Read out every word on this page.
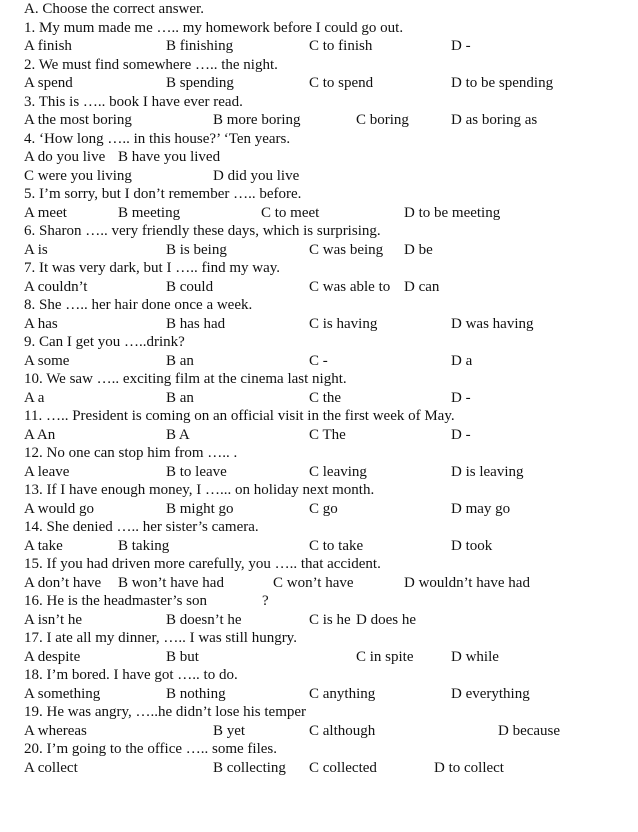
A. Choose the correct answer.
1. My mum made me ….. my homework before I could go out.
A finish	B finishing	C to finish	D -
2. We must find somewhere ….. the night.
A spend	B spending	C to spend	D to be spending
3. This is ….. book I have ever read.
A the most boring	B more boring	C boring	D as boring as
4. ‘How long ….. in this house?’ ‘Ten years.
A do you live B have you lived
C were you living	D did you live
5. I’m sorry, but I don’t remember ….. before.
A meet	B meeting	C to meet	D to be meeting
6. Sharon ….. very friendly these days, which is surprising.
A is	B is being	C was being D be
7. It was very dark, but I ….. find my way.
A couldn’t	B could	C was able to D can
8. She ….. her hair done once a week.
A has	B has had	C is having	D was having
9. Can I get you …..drink?
A some	B an	C -	D a
10. We saw ….. exciting film at the cinema last night.
A a	B an	C the	D -
11. ….. President is coming on an official visit in the first week of May.
A An	B A	C The	D -
12. No one can stop him from ….. .
A leave	B to leave	C leaving	D is leaving
13. If I have enough money, I …... on holiday next month.
A would go	B might go	C go	D may go
14. She denied ….. her sister’s camera.
A take	B taking	C to take	D took
15. If you had driven more carefully, you ….. that accident.
A don’t have B won’t have had	C won’t have	D wouldn’t have had
16. He is the headmaster’s son	?
A isn’t he	B doesn’t he	C is he D does he
17. I ate all my dinner, ….. I was still hungry.
A despite	B but	C in spite D while
18. I’m bored. I have got ….. to do.
A something	B nothing	C anything	D everything
19. He was angry, …..he didn’t lose his temper
A whereas	B yet	C although	D because
20. I’m going to the office ….. some files.
A collect	B collecting C collected	D to collect
